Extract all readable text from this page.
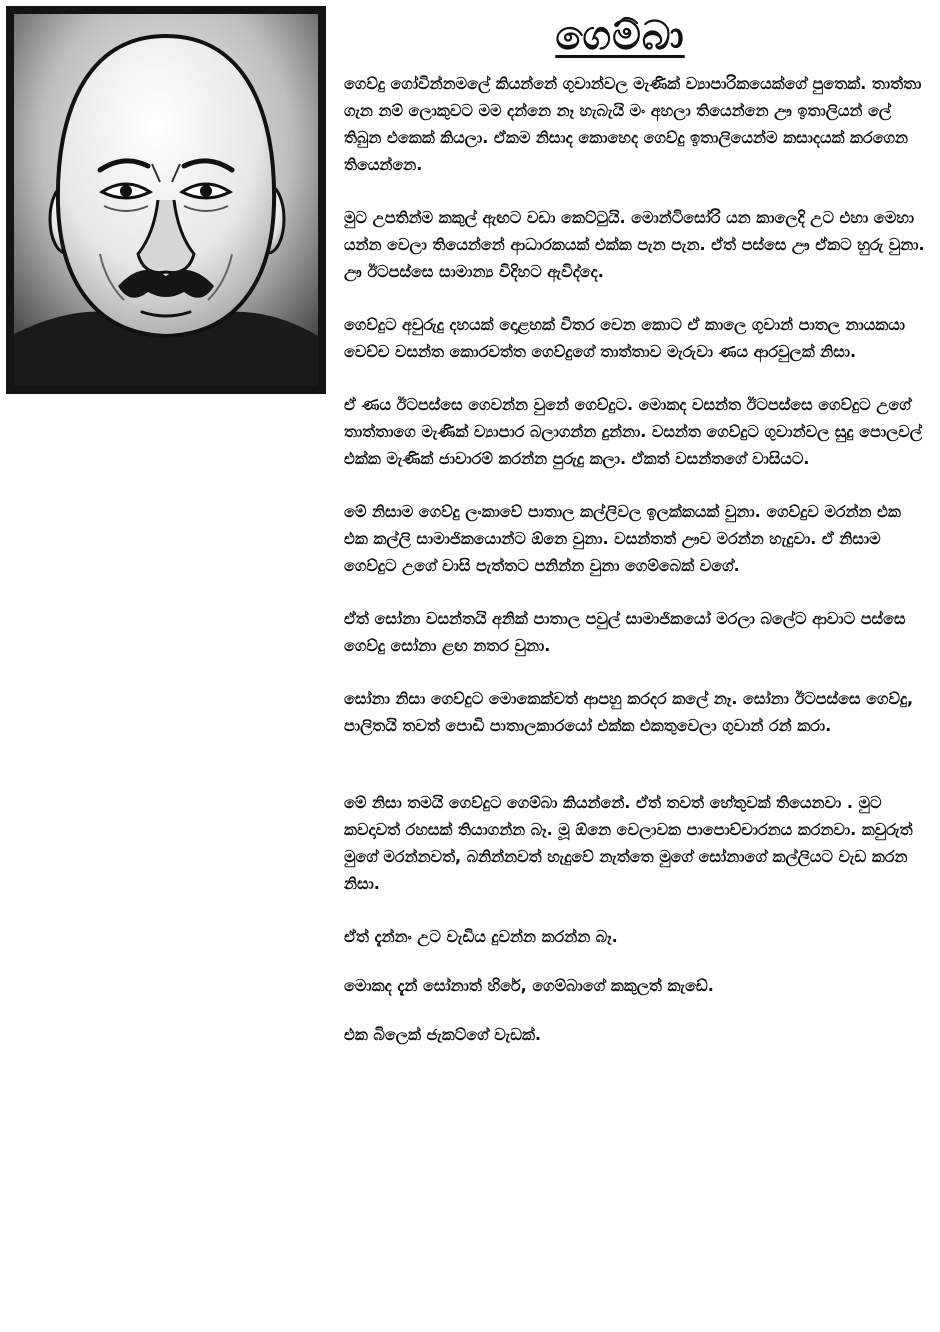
ගෙම්බා

ගෙව්දු ගෝවින්නමලේ කියන්නේ ගුවාන්වල මැණික් ව්‍යාපාරිකයෙක්ගේ පුතෙක්. තාත්තා ගැන නම් ලොකුවට මම දන්නෙ නෑ හැබැයි මං අහලා තියෙන්නෙ ඌ ඉතාලියන් ලේ තිබුන එකෙක් කියලා. ඒකම නිසාද කොහෙද ගෙව්දු ඉතාලියෙන්ම කසාදයක් කරගෙන තියෙන්නෙ.

මුට උපතින්ම කකුල් ඇඟට වඩා කෙට්ටුයි. මොන්ටිසෝරි යන කාලෙදි උට එහා මෙහා යන්න වෙලා තියෙන්නේ ආධාරකයක් එක්ක පැන පැන. ඒත් පස්සෙ ඌ ඒකට හුරු වුනා. ඌ ඊටපස්සෙ සාමාන්‍ය විදිහට ඇවිද්දෙ.

ගෙව්දුට අවුරුදු දහයක් දොළහක් විතර වෙන කොට ඒ කාලෙ ගුවාන් පාතල නායකයා වෙච්ච වසන්ත කොරවත්ත ගෙව්දුගේ තාත්තාව මැරුවා ණය ආරවුලක් නිසා.

ඒ ණය ඊටපස්සෙ ගෙවන්න වුනේ ගෙව්දුට. මොකද වසන්ත ඊටපස්සෙ ගෙව්දුට උගේ තාත්තාගෙ මැණික් ව්‍යාපාර බලාගන්න දුන්නා. වසන්ත ගෙව්දුට ගුවාන්වල සුදු පොලවල් එක්ක මැණික් ජාවාරම් කරන්න පුරුදු කලා. ඒකත් වසන්තගේ වාසියට.

මේ නිසාම ගෙව්දු ලංකාවේ පාතාල කල්ලිවල ඉලක්කයක් වුනා. ගෙව්දුව මරන්න එක එක කල්ලි සාමාජිකයොන්ට ඕනෙ වුනා. වසන්තත් ඌව මරන්න හැදුවා. ඒ නිසාම ගෙව්දුට උගේ වාසි පැත්තට පනින්න වුනා ගෙම්බෙක් වගේ.

ඒත් සෝනා වසන්තයි අනික් පාතාල පවුල් සාමාජිකයෝ මරලා බලේට ආවාට පස්සෙ ගෙව්දු සෝනා ළඟ නතර වුනා.

සෝනා නිසා ගෙව්දුට මොකෙක්වත් ආපහු කරදර කලේ නෑ. සෝනා ඊටපස්සෙ ගෙව්දු, පාලිතයි තවත් පොඩි පාතාලකාරයෝ එක්ක එකතුවෙලා ගුවාන් රන් කරා.

මේ නිසා තමයි ගෙව්දුට ගෙම්බා කියන්නේ. ඒත් තවත් හේතුවක් තියෙනවා . මුට කවදාවත් රහසක් තියාගන්න බෑ. මූ ඕනෙ වෙලාවක පාපොච්චාරනය කරනවා. කවුරුත් මුගේ මරන්නවත්, බනින්නවත් හැදුවේ නැත්තෙ මුගේ සෝනාගේ කල්ලියට වැඩ කරන නිසා.

ඒත් දැන්නං උට වැඩිය දුවන්න කරන්න බෑ.

මොකද දැන් සෝනාත් හිරේ, ගෙම්බාගේ කකුලත් කැඩේ.

එක බිලෙක් ජැකට්ගේ වැඩක්.
